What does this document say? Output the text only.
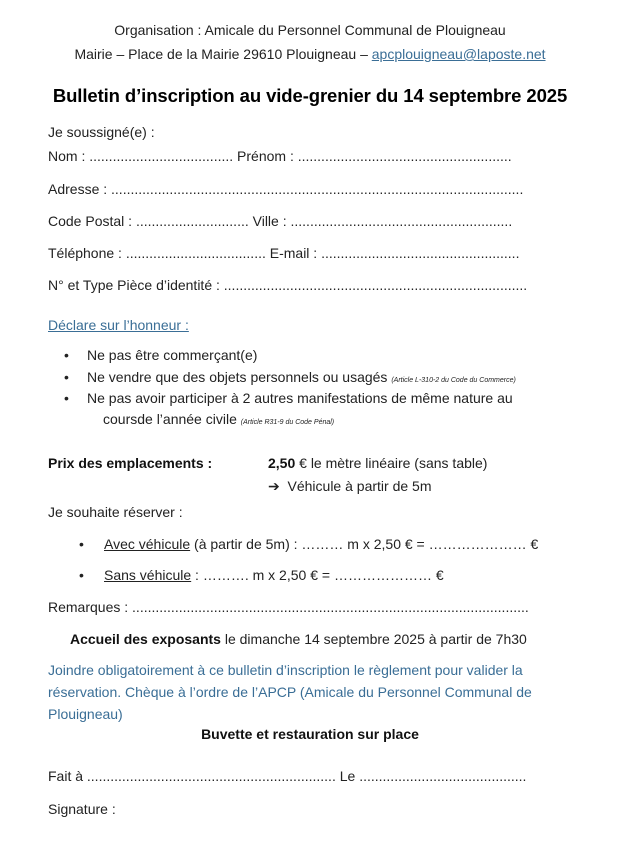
Organisation : Amicale du Personnel Communal de Plouigneau
Mairie – Place de la Mairie 29610 Plouigneau – apcplouigneau@laposte.net
Bulletin d’inscription au vide-grenier du 14 septembre 2025
Je soussigné(e) :
Nom : ..................................... Prénom : .......................................................
Adresse : ..........................................................................................................
Code Postal : ............................. Ville : .........................................................
Téléphone : .................................... E-mail : ...................................................
N° et Type Pièce d’identité : ..............................................................................
Déclare sur l’honneur :
• Ne pas être commerçant(e)
• Ne vendre que des objets personnels ou usagés (Article L-310-2 du Code du Commerce)
• Ne pas avoir participer à 2 autres manifestations de même nature au
coursde l’année civile (Article R31-9 du Code Pénal)
Prix des emplacements :	2,50 € le mètre linéaire (sans table)
➔ Véhicule à partir de 5m
Je souhaite réserver :
• Avec véhicule (à partir de 5m) : ……… m x 2,50 € = ………………… €
• Sans véhicule : ………. m x 2,50 € = ………………… €
Remarques : ......................................................................................................
Accueil des exposants le dimanche 14 septembre 2025 à partir de 7h30
Joindre obligatoirement à ce bulletin d’inscription le règlement pour valider la
réservation. Chèque à l’ordre de l’APCP (Amicale du Personnel Communal de
Plouigneau)
Buvette et restauration sur place
Fait à ................................................................ Le ...........................................
Signature :
